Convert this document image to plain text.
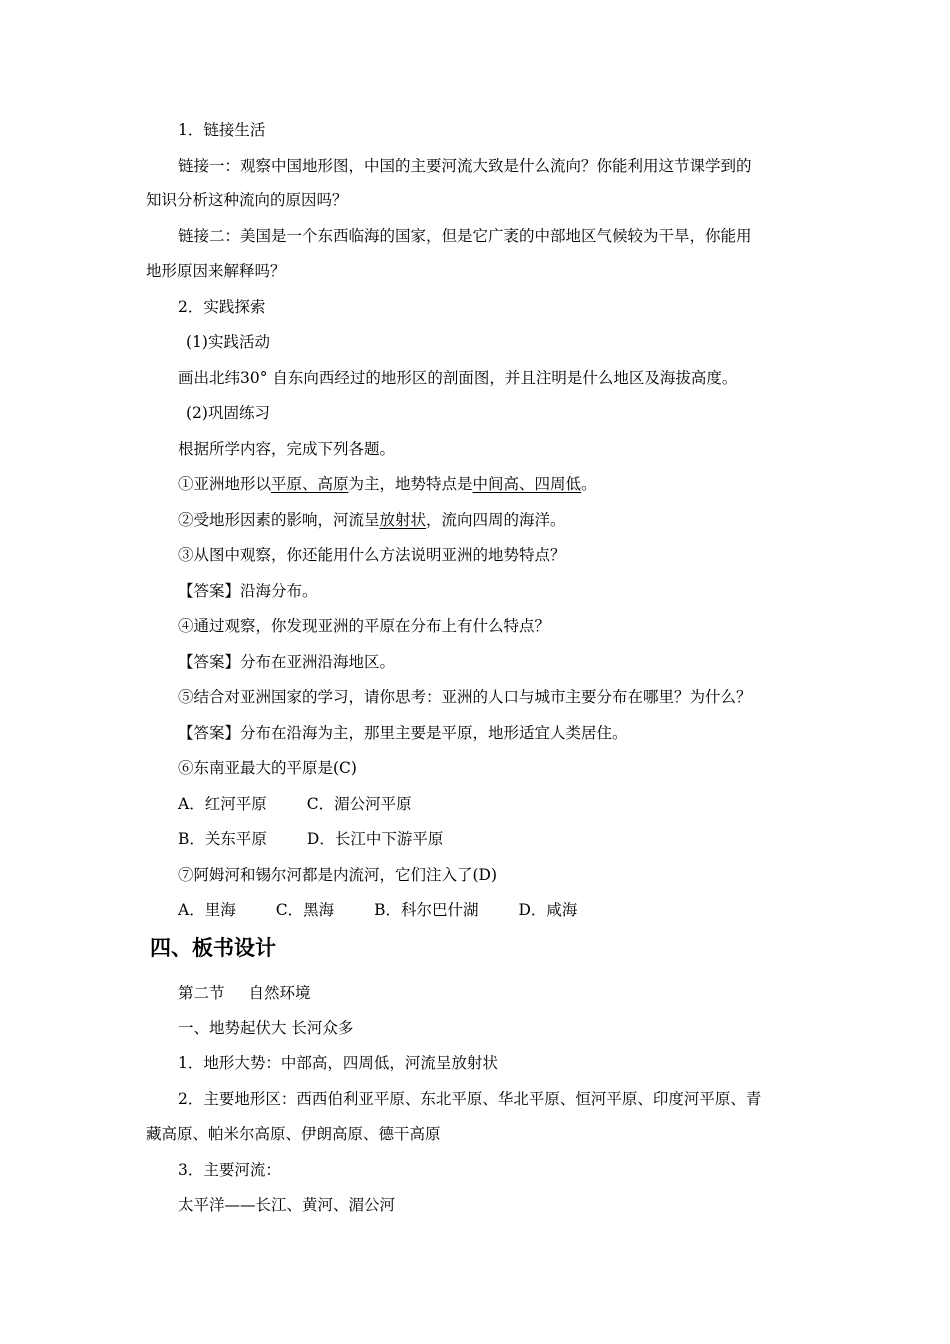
1．链接生活
链接一：观察中国地形图，中国的主要河流大致是什么流向？你能利用这节课学到的
知识分析这种流向的原因吗？
链接二：美国是一个东西临海的国家，但是它广袤的中部地区气候较为干旱，你能用
地形原因来解释吗？
2．实践探索
(1)实践活动
画出北纬30° 自东向西经过的地形区的剖面图，并且注明是什么地区及海拔高度。
(2)巩固练习
根据所学内容，完成下列各题。
①亚洲地形以平原、高原为主，地势特点是中间高、四周低。
②受地形因素的影响，河流呈放射状，流向四周的海洋。
③从图中观察，你还能用什么方法说明亚洲的地势特点？
【答案】沿海分布。
④通过观察，你发现亚洲的平原在分布上有什么特点？
【答案】分布在亚洲沿海地区。
⑤结合对亚洲国家的学习，请你思考：亚洲的人口与城市主要分布在哪里？为什么？
【答案】分布在沿海为主，那里主要是平原，地形适宜人类居住。
⑥东南亚最大的平原是(C)
A．红河平原	C．湄公河平原
B．关东平原	D．长江中下游平原
⑦阿姆河和锡尔河都是内流河，它们注入了(D)
A．里海	C．黑海	B．科尔巴什湖	D．咸海
四、板书设计
第二节 自然环境
一、地势起伏大 长河众多
1．地形大势：中部高，四周低，河流呈放射状
2．主要地形区：西西伯利亚平原、东北平原、华北平原、恒河平原、印度河平原、青
藏高原、帕米尔高原、伊朗高原、德干高原
3．主要河流：
太平洋——长江、黄河、湄公河
